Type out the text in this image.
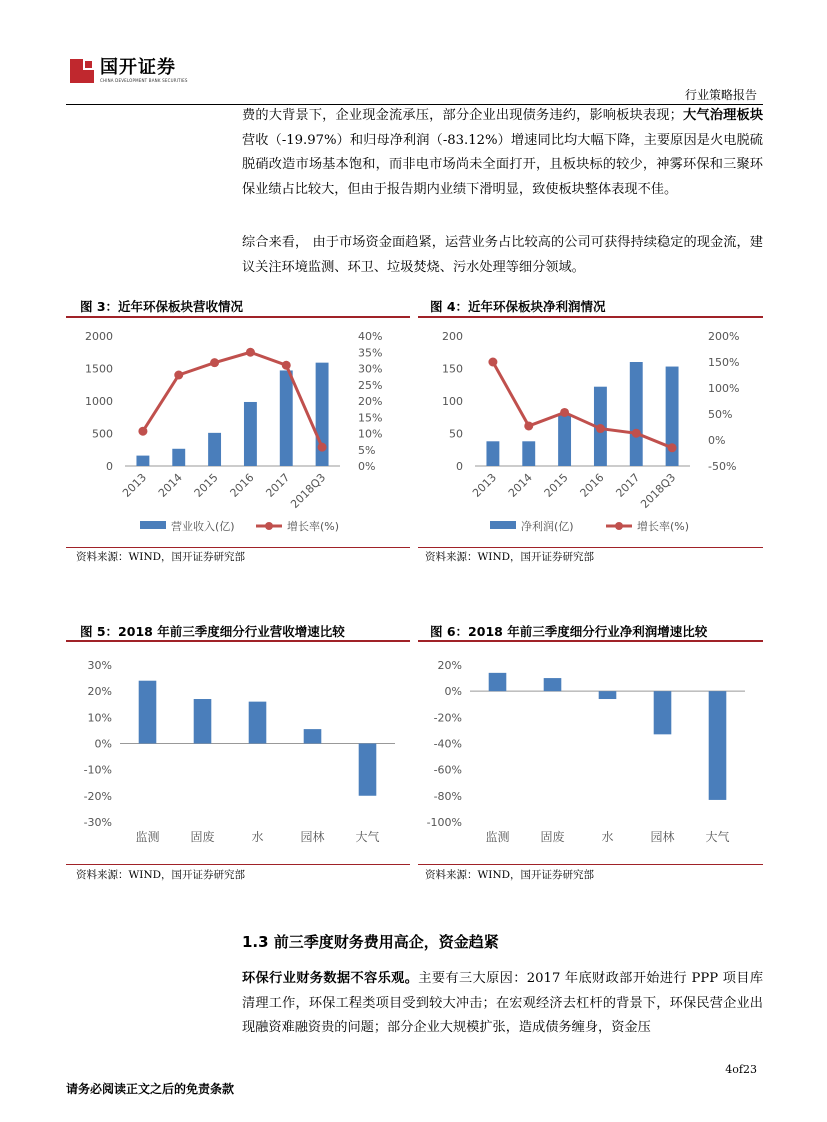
国开证券
CHINA DEVELOPMENT BANK SECURITIES
行业策略报告
费的大背景下，企业现金流承压，部分企业出现债务违约，影响板块表现；大气治理板块营收（-19.97%）和归母净利润（-83.12%）增速同比均大幅下降，主要原因是火电脱硫脱硝改造市场基本饱和，而非电市场尚未全面打开，且板块标的较少，神雾环保和三聚环保业绩占比较大，但由于报告期内业绩下滑明显，致使板块整体表现不佳。
综合来看， 由于市场资金面趋紧，运营业务占比较高的公司可获得持续稳定的现金流，建议关注环境监测、环卫、垃圾焚烧、污水处理等细分领域。
图 3：近年环保板块营收情况	图 4：近年环保板块净利润情况
0
500
1000
1500
2000
0%
5%
10%
15%
20%
25%
30%
35%
40%
2013 2014 2015 2016 2017
2018Q3
营业收入(亿)	增长率(%)
0
50
100
150
200
-50%
0%
50%
100%
150%
200%
2013 2014 2015 2016 2017
2018Q3
净利润(亿)	增长率(%)
资料来源：WIND，国开证券研究部	资料来源：WIND，国开证券研究部
图 5：2018 年前三季度细分行业营收增速比较	图 6：2018 年前三季度细分行业净利润增速比较
-30%
-20%
-10%
0%
10%
20%
30%
监测	固废	水	园林	大气
-100%
-80%
-60%
-40%
-20%
0%
20%
监测	固废	水	园林	大气
资料来源：WIND，国开证券研究部	资料来源：WIND，国开证券研究部
1.3 前三季度财务费用高企，资金趋紧
环保行业财务数据不容乐观。主要有三大原因：2017 年底财政部开始进行 PPP 项目库清理工作，环保工程类项目受到较大冲击；在宏观经济去杠杆的背景下，环保民营企业出现融资难融资贵的问题；部分企业大规模扩张，造成债务缠身，资金压
4of23
请务必阅读正文之后的免责条款
